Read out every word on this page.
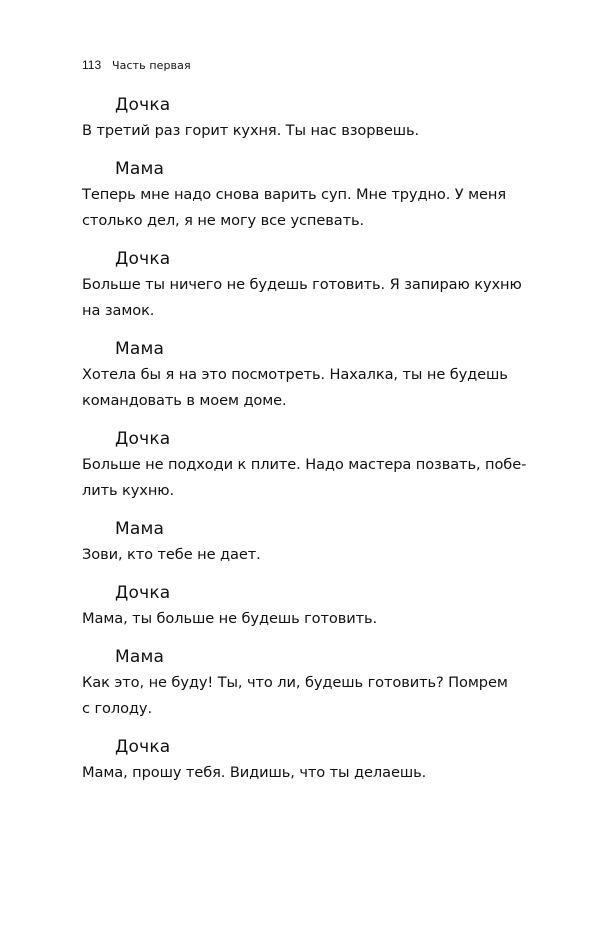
113 Часть первая
Дочка
В третий раз горит кухня. Ты нас взорвешь.
Мама
Теперь мне надо снова варить суп. Мне трудно. У меня
столько дел, я не могу все успевать.
Дочка
Больше ты ничего не будешь готовить. Я запираю кухню
на замок.
Мама
Хотела бы я на это посмотреть. Нахалка, ты не будешь
командовать в моем доме.
Дочка
Больше не подходи к плите. Надо мастера позвать, побе-
лить кухню.
Мама
Зови, кто тебе не дает.
Дочка
Мама, ты больше не будешь готовить.
Мама
Как это, не буду! Ты, что ли, будешь готовить? Помрем
с голоду.
Дочка
Мама, прошу тебя. Видишь, что ты делаешь.
